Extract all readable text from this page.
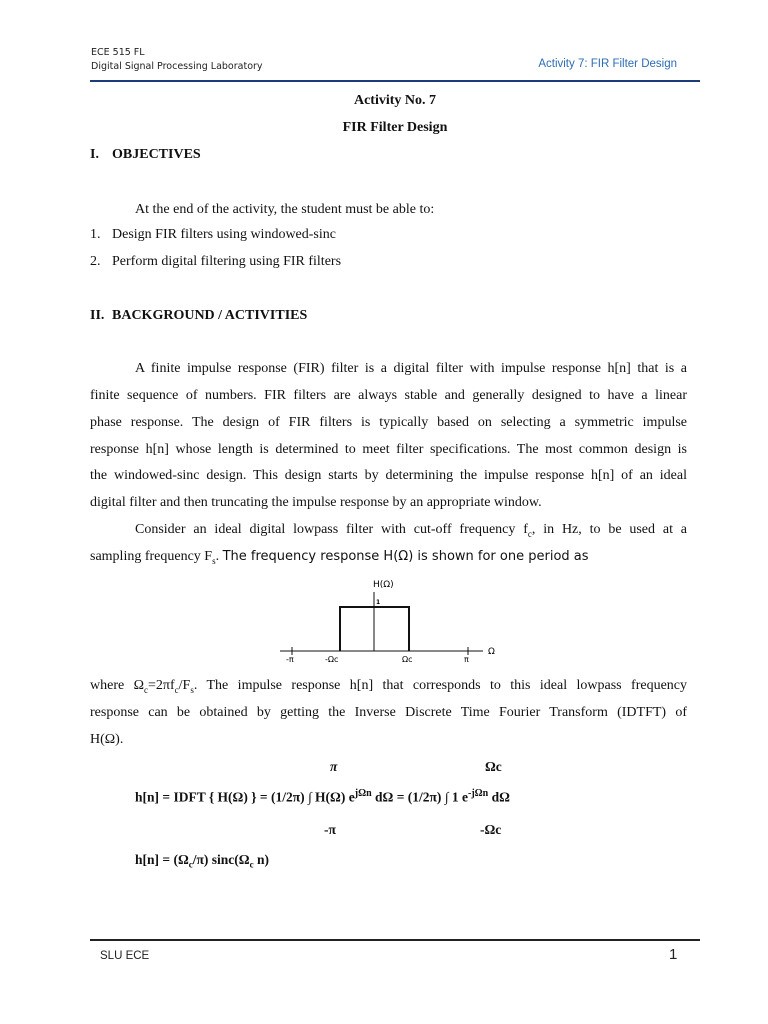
ECE 515 FL
Digital Signal Processing Laboratory	Activity 7: FIR Filter Design
Activity No. 7
FIR Filter Design
I. OBJECTIVES
At the end of the activity, the student must be able to:
1. Design FIR filters using windowed-sinc
2. Perform digital filtering using FIR filters
II. BACKGROUND / ACTIVITIES
A finite impulse response (FIR) filter is a digital filter with impulse response h[n] that is a
finite sequence of numbers. FIR filters are always stable and generally designed to have a linear
phase response. The design of FIR filters is typically based on selecting a symmetric impulse
response h[n] whose length is determined to meet filter specifications. The most common design is
the windowed-sinc design. This design starts by determining the impulse response h[n] of an ideal
digital filter and then truncating the impulse response by an appropriate window.
Consider an ideal digital lowpass filter with cut-off frequency $f_c$, in Hz, to be used at a
sampling frequency $F_s$. The frequency response H(Ω) is shown for one period as
H(Ω)
1
-π	-Ωc	Ωc	π
Ω
where $\Omega_c=2\pi f_c/F_s$. The impulse response h[n] that corresponds to this ideal lowpass frequency
response can be obtained by getting the Inverse Discrete Time Fourier Transform (IDTFT) of
H(Ω).
π	Ωc
h[n] = IDFT { H(Ω) } = (1/2π) ∫ H(Ω) $e^{j\Omega n}$ dΩ = (1/2π) ∫ 1 $e^{-j\Omega n}$ dΩ
-π	-Ωc
$h[n] = (\Omega_c/\pi)$ $\sin c(\Omega_c$ n)
SLU ECE	1
